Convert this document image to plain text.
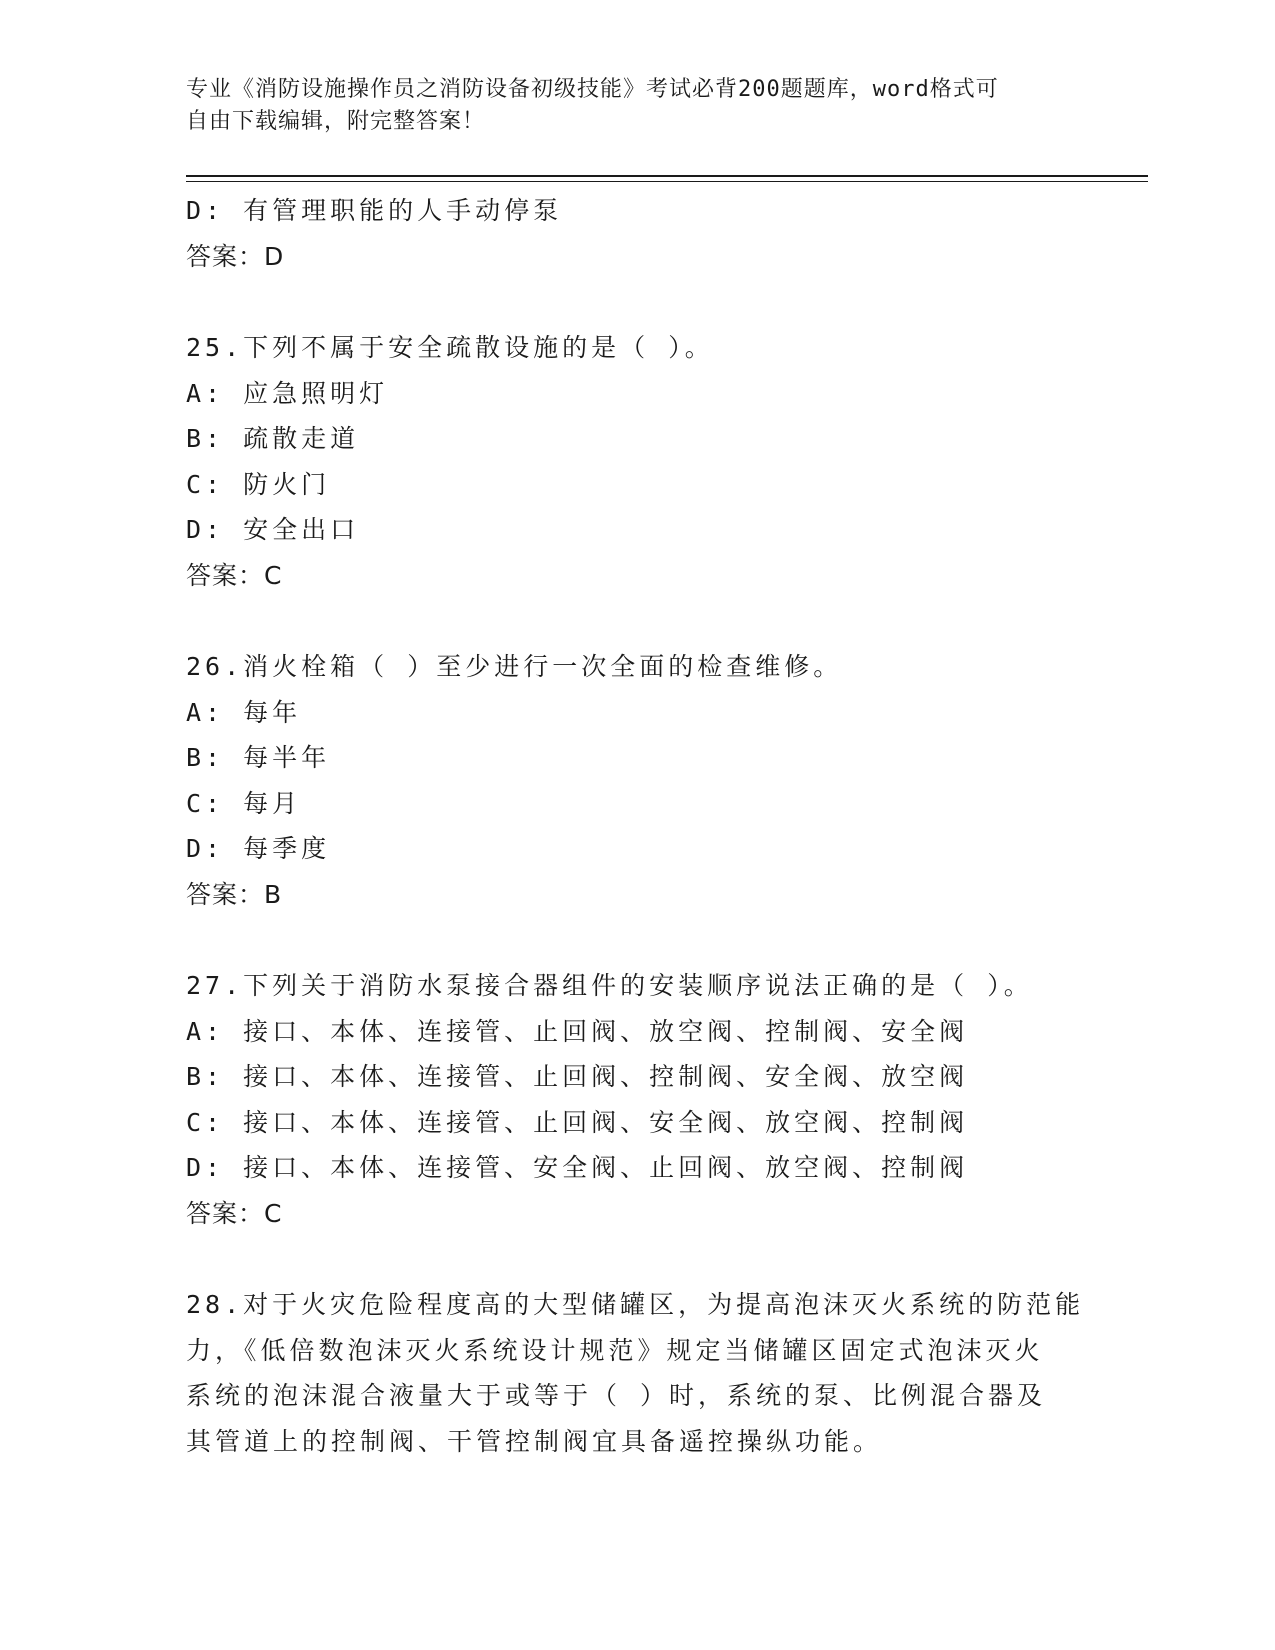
专业《消防设施操作员之消防设备初级技能》考试必背200题题库，word格式可
自由下载编辑，附完整答案！
D: 有管理职能的人手动停泵
答案：D
25.下列不属于安全疏散设施的是（ ）。
A: 应急照明灯
B: 疏散走道
C: 防火门
D: 安全出口
答案：C
26.消火栓箱（ ）至少进行一次全面的检查维修。
A: 每年
B: 每半年
C: 每月
D: 每季度
答案：B
27.下列关于消防水泵接合器组件的安装顺序说法正确的是（ ）。
A: 接口、本体、连接管、止回阀、放空阀、控制阀、安全阀
B: 接口、本体、连接管、止回阀、控制阀、安全阀、放空阀
C: 接口、本体、连接管、止回阀、安全阀、放空阀、控制阀
D: 接口、本体、连接管、安全阀、止回阀、放空阀、控制阀
答案：C
28.对于火灾危险程度高的大型储罐区，为提高泡沫灭火系统的防范能
力，《低倍数泡沫灭火系统设计规范》规定当储罐区固定式泡沫灭火
系统的泡沫混合液量大于或等于（ ）时，系统的泵、比例混合器及
其管道上的控制阀、干管控制阀宜具备遥控操纵功能。
